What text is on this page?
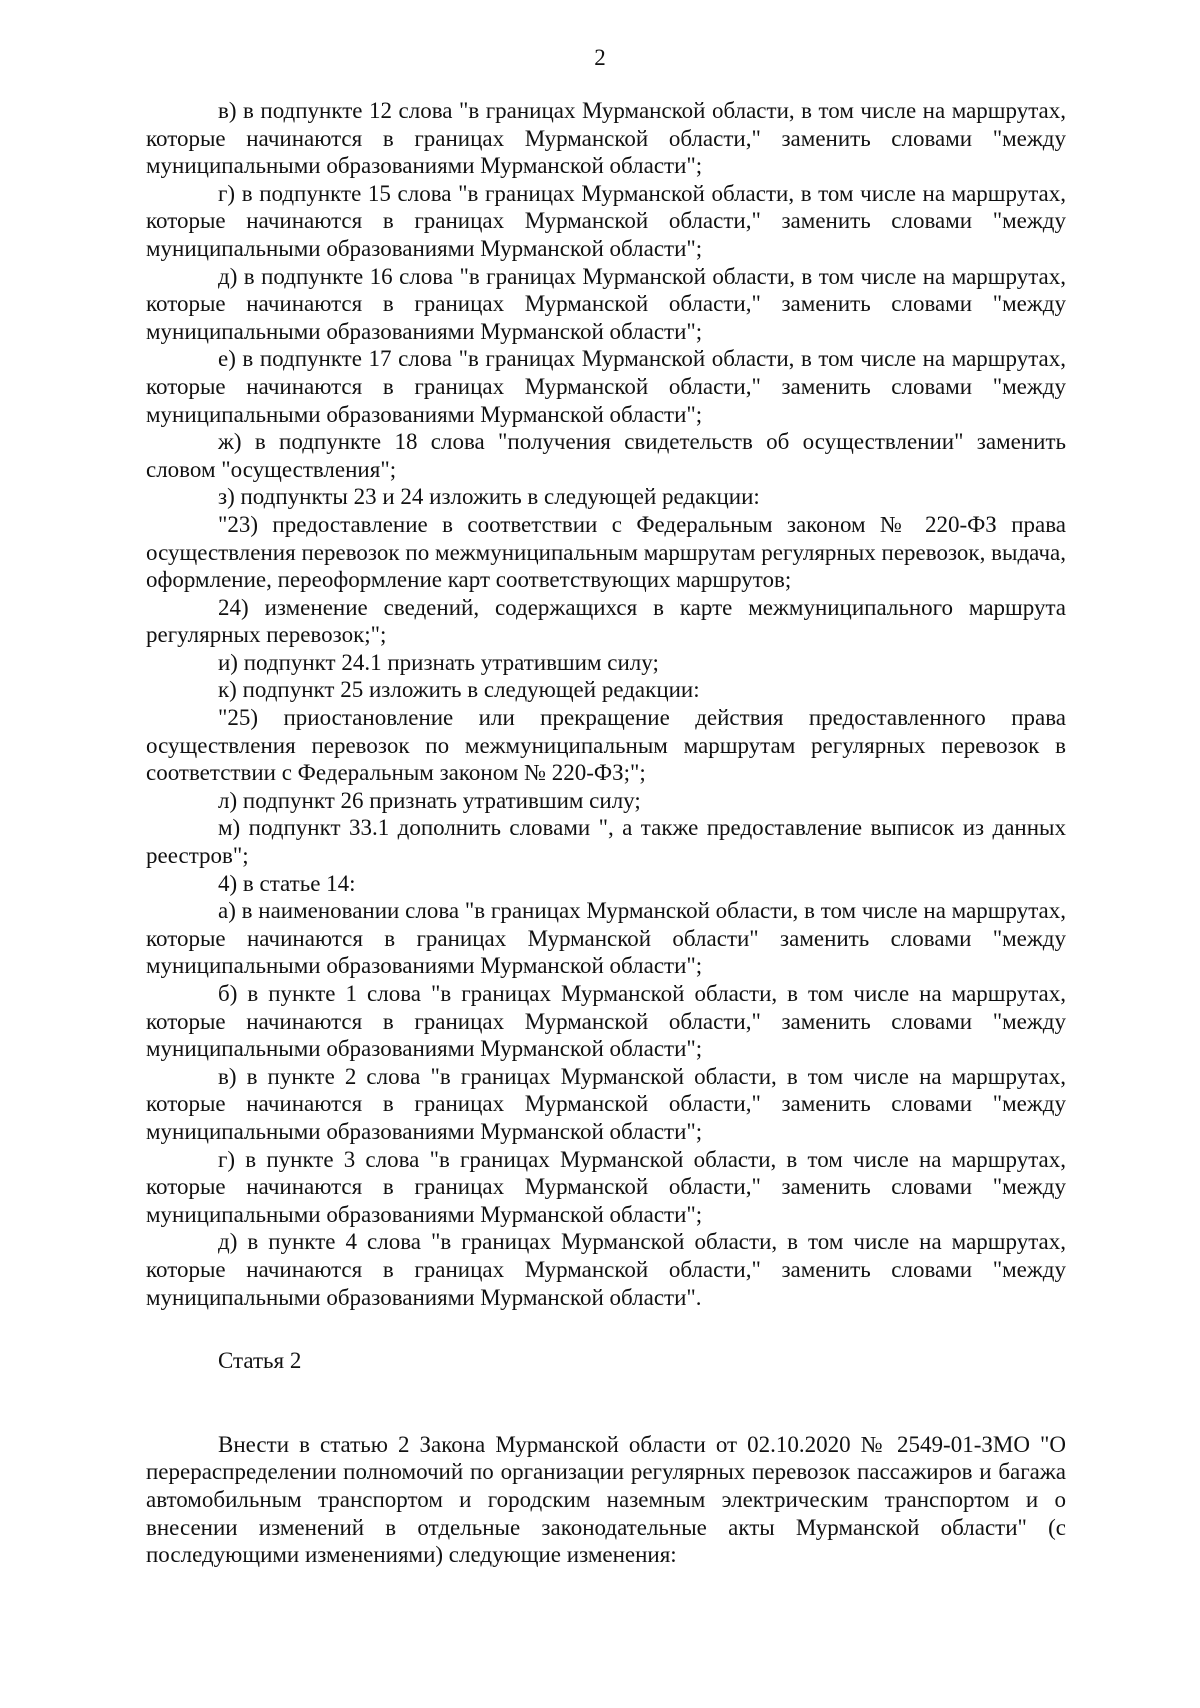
2

в) в подпункте 12 слова "в границах Мурманской области, в том числе на маршрутах, которые начинаются в границах Мурманской области," заменить словами "между муниципальными образованиями Мурманской области";

г) в подпункте 15 слова "в границах Мурманской области, в том числе на маршрутах, которые начинаются в границах Мурманской области," заменить словами "между муниципальными образованиями Мурманской области";

д) в подпункте 16 слова "в границах Мурманской области, в том числе на маршрутах, которые начинаются в границах Мурманской области," заменить словами "между муниципальными образованиями Мурманской области";

е) в подпункте 17 слова "в границах Мурманской области, в том числе на маршрутах, которые начинаются в границах Мурманской области," заменить словами "между муниципальными образованиями Мурманской области";

ж) в подпункте 18 слова "получения свидетельств об осуществлении" заменить словом "осуществления";

з) подпункты 23 и 24 изложить в следующей редакции:

"23) предоставление в соответствии с Федеральным законом № 220-ФЗ права осуществления перевозок по межмуниципальным маршрутам регулярных перевозок, выдача, оформление, переоформление карт соответствующих маршрутов;

24) изменение сведений, содержащихся в карте межмуниципального маршрута регулярных перевозок;";

и) подпункт 24.1 признать утратившим силу;

к) подпункт 25 изложить в следующей редакции:

"25) приостановление или прекращение действия предоставленного права осуществления перевозок по межмуниципальным маршрутам регулярных перевозок в соответствии с Федеральным законом № 220-ФЗ;";

л) подпункт 26 признать утратившим силу;

м) подпункт 33.1 дополнить словами ", а также предоставление выписок из данных реестров";

4) в статье 14:

а) в наименовании слова "в границах Мурманской области, в том числе на маршрутах, которые начинаются в границах Мурманской области" заменить словами "между муниципальными образованиями Мурманской области";

б) в пункте 1 слова "в границах Мурманской области, в том числе на маршрутах, которые начинаются в границах Мурманской области," заменить словами "между муниципальными образованиями Мурманской области";

в) в пункте 2 слова "в границах Мурманской области, в том числе на маршрутах, которые начинаются в границах Мурманской области," заменить словами "между муниципальными образованиями Мурманской области";

г) в пункте 3 слова "в границах Мурманской области, в том числе на маршрутах, которые начинаются в границах Мурманской области," заменить словами "между муниципальными образованиями Мурманской области";

д) в пункте 4 слова "в границах Мурманской области, в том числе на маршрутах, которые начинаются в границах Мурманской области," заменить словами "между муниципальными образованиями Мурманской области".

Статья 2

Внести в статью 2 Закона Мурманской области от 02.10.2020 № 2549-01-ЗМО "О перераспределении полномочий по организации регулярных перевозок пассажиров и багажа автомобильным транспортом и городским наземным электрическим транспортом и о внесении изменений в отдельные законодательные акты Мурманской области" (с последующими изменениями) следующие изменения:
